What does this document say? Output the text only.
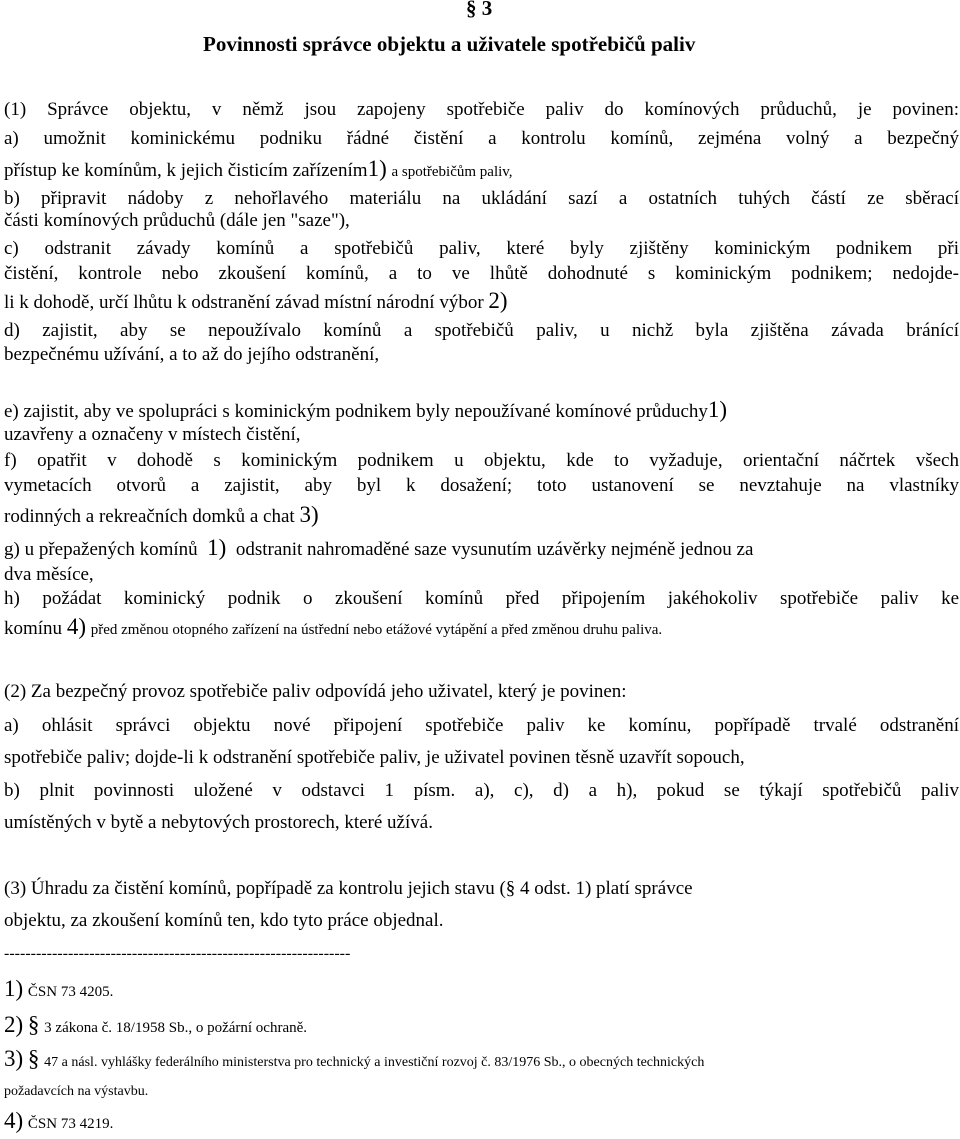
§ 3
Povinnosti správce objektu a uživatele spotřebičů paliv
(1) Správce objektu, v němž jsou zapojeny spotřebiče paliv do komínových průduchů, je povinen:
a) umožnit kominickému podniku řádné čistění a kontrolu komínů, zejména volný a bezpečný
přístup ke komínům, k jejich čisticím zařízením1) a spotřebičům paliv,
b) připravit nádoby z nehořlavého materiálu na ukládání sazí a ostatních tuhých částí ze sběrací
části komínových průduchů (dále jen "saze"),
c) odstranit závady komínů a spotřebičů paliv, které byly zjištěny kominickým podnikem při
čistění, kontrole nebo zkoušení komínů, a to ve lhůtě dohodnuté s kominickým podnikem; nedojde-
li k dohodě, určí lhůtu k odstranění závad místní národní výbor 2)
d) zajistit, aby se nepoužívalo komínů a spotřebičů paliv, u nichž byla zjištěna závada bránící
bezpečnému užívání, a to až do jejího odstranění,
e) zajistit, aby ve spolupráci s kominickým podnikem byly nepoužívané komínové průduchy1)
uzavřeny a označeny v místech čistění,
f) opatřit v dohodě s kominickým podnikem u objektu, kde to vyžaduje, orientační náčrtek všech
vymetacích otvorů a zajistit, aby byl k dosažení; toto ustanovení se nevztahuje na vlastníky
rodinných a rekreačních domků a chat 3)
g) u přepažených komínů 1) odstranit nahromaděné saze vysunutím uzávěrky nejméně jednou za
dva měsíce,
h) požádat kominický podnik o zkoušení komínů před připojením jakéhokoliv spotřebiče paliv ke
komínu 4) před změnou otopného zařízení na ústřední nebo etážové vytápění a před změnou druhu paliva.
(2) Za bezpečný provoz spotřebiče paliv odpovídá jeho uživatel, který je povinen:
a) ohlásit správci objektu nové připojení spotřebiče paliv ke komínu, popřípadě trvalé odstranění
spotřebiče paliv; dojde-li k odstranění spotřebiče paliv, je uživatel povinen těsně uzavřít sopouch,
b) plnit povinnosti uložené v odstavci 1 písm. a), c), d) a h), pokud se týkají spotřebičů paliv
umístěných v bytě a nebytových prostorech, které užívá.
(3) Úhradu za čistění komínů, popřípadě za kontrolu jejich stavu (§ 4 odst. 1) platí správce
objektu, za zkoušení komínů ten, kdo tyto práce objednal.
-----------------------------------------------------------------
1) ČSN 73 4205.
2) § 3 zákona č. 18/1958 Sb., o požární ochraně.
3) § 47 a násl. vyhlášky federálního ministerstva pro technický a investiční rozvoj č. 83/1976 Sb., o obecných technických
požadavcích na výstavbu.
4) ČSN 73 4219.
